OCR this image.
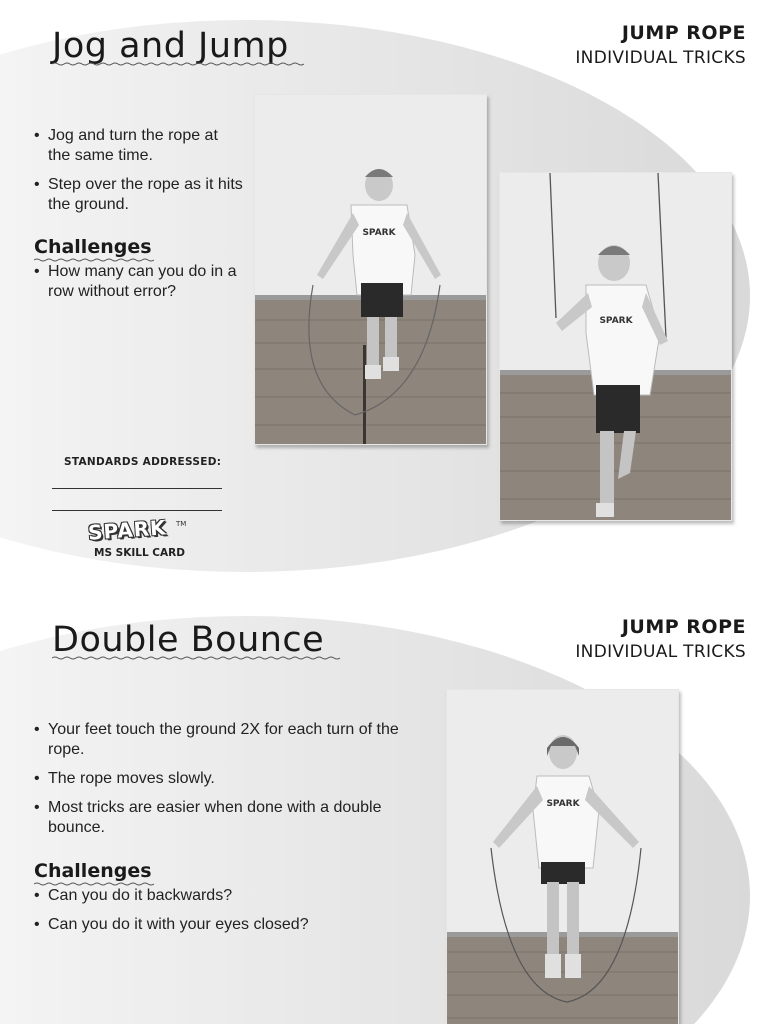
Jog and Jump	JUMP ROPE
INDIVIDUAL TRICKS
• Jog and turn the rope at the same time.
• Step over the rope as it hits the ground.
Challenges
• How many can you do in a row without error?
SPARK
SPARK
STANDARDS ADDRESSED:
SPARK TM
MS SKILL CARD
Double Bounce	JUMP ROPE
INDIVIDUAL TRICKS
• Your feet touch the ground 2X for each turn of the rope.
• The rope moves slowly.
• Most tricks are easier when done with a double bounce.
Challenges
• Can you do it backwards?
• Can you do it with your eyes closed?
SPARK
